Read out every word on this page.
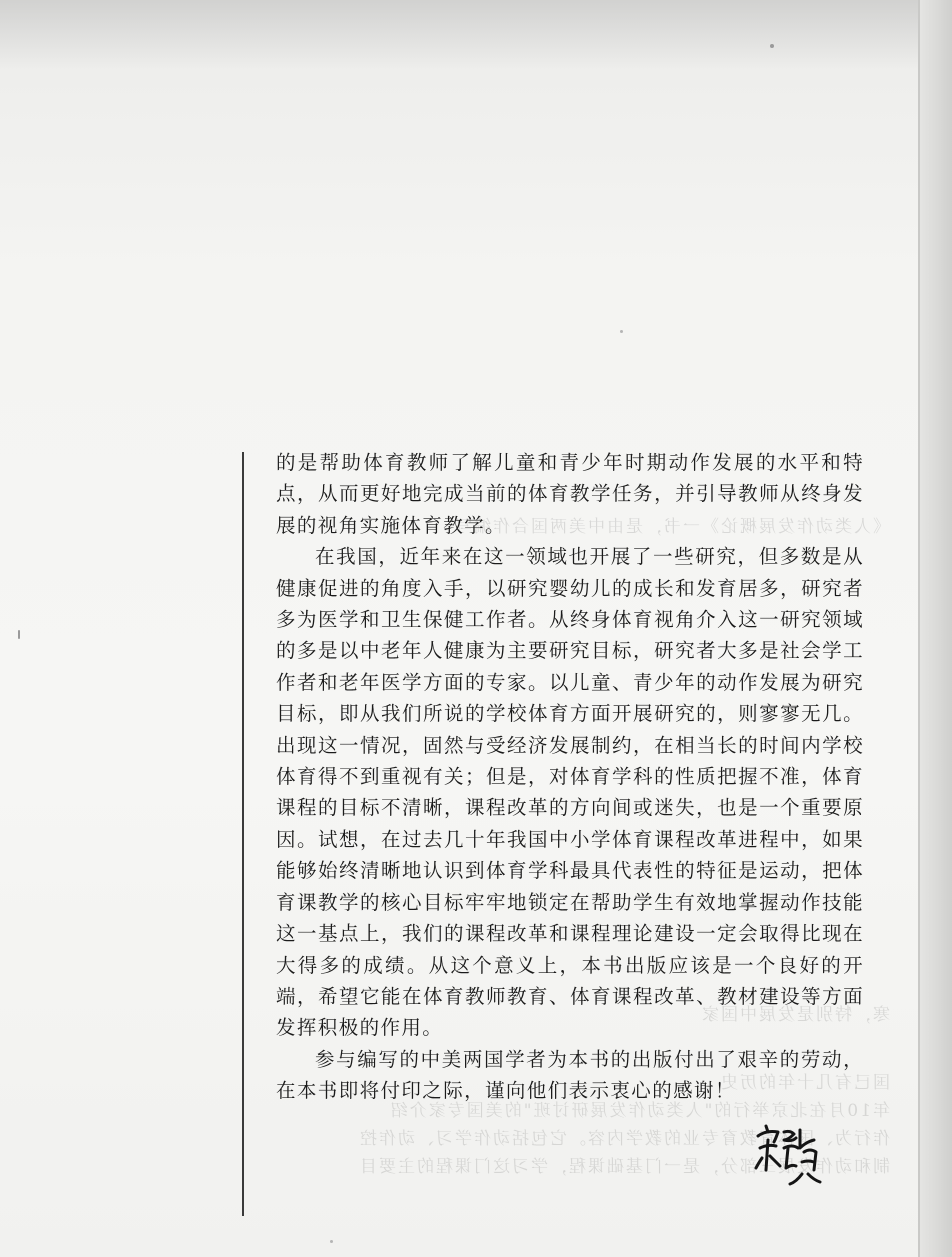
《人类动作发展概论》一书，是由中美两国合作编写
寒，特别是发展中国家
国已有几十年的历史
年10月在北京举行的"人类动作发展研讨班"的美国专家介绍
作行为、国体育教育专业的教学内容。它包括动作学习、动作控
制和动作发展三部分，是一门基础课程，学习这门课程的主要目

的是帮助体育教师了解儿童和青少年时期动作发展的水平和特点，从而更好地完成当前的体育教学任务，并引导教师从终身发展的视角实施体育教学。

在我国，近年来在这一领域也开展了一些研究，但多数是从健康促进的角度入手，以研究婴幼儿的成长和发育居多，研究者多为医学和卫生保健工作者。从终身体育视角介入这一研究领域的多是以中老年人健康为主要研究目标，研究者大多是社会学工作者和老年医学方面的专家。以儿童、青少年的动作发展为研究目标，即从我们所说的学校体育方面开展研究的，则寥寥无几。出现这一情况，固然与受经济发展制约，在相当长的时间内学校体育得不到重视有关；但是，对体育学科的性质把握不准，体育课程的目标不清晰，课程改革的方向间或迷失，也是一个重要原因。试想，在过去几十年我国中小学体育课程改革进程中，如果能够始终清晰地认识到体育学科最具代表性的特征是运动，把体育课教学的核心目标牢牢地锁定在帮助学生有效地掌握动作技能这一基点上，我们的课程改革和课程理论建设一定会取得比现在大得多的成绩。从这个意义上，本书出版应该是一个良好的开端，希望它能在体育教师教育、体育课程改革、教材建设等方面发挥积极的作用。

参与编写的中美两国学者为本书的出版付出了艰辛的劳动，在本书即将付印之际，谨向他们表示衷心的感谢！
